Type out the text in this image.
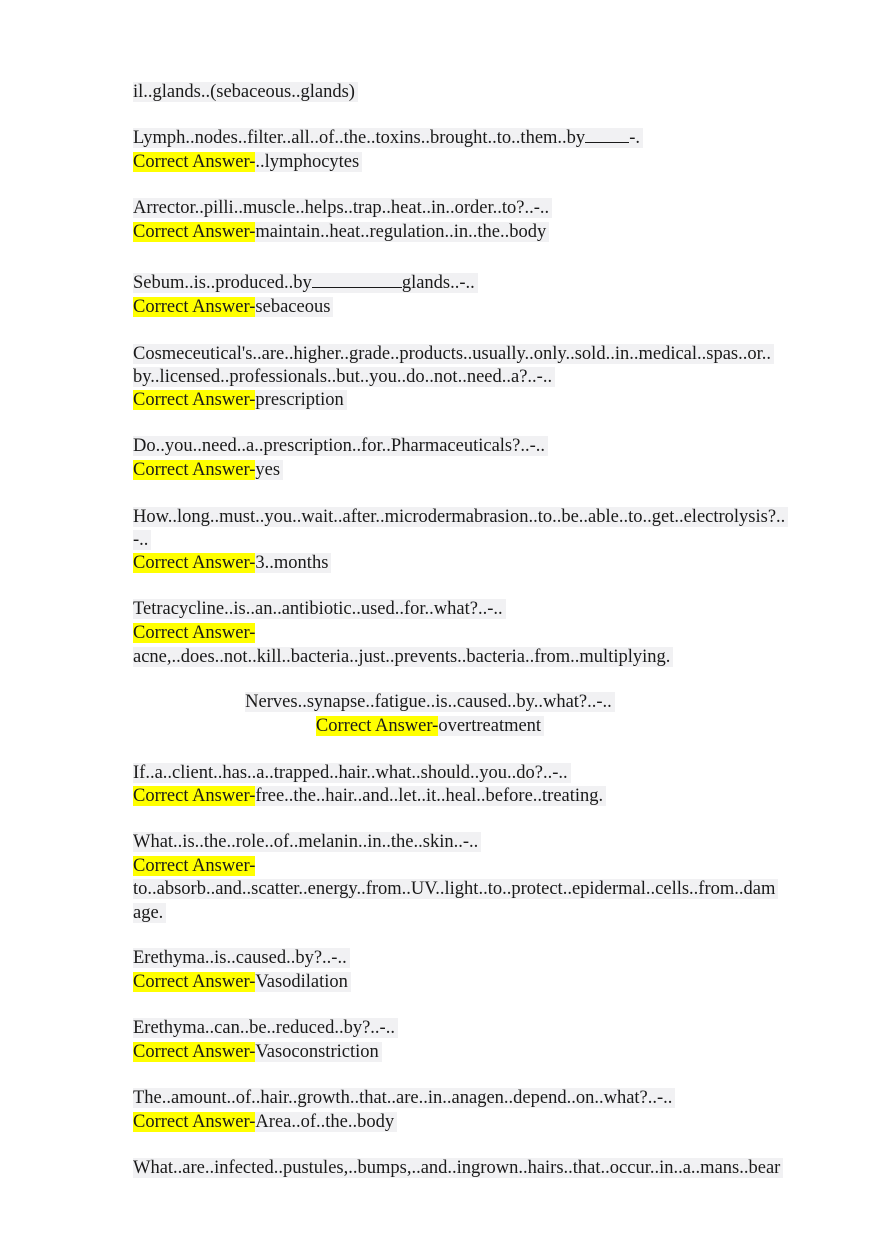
il..glands..(sebaceous..glands)
Lymph..nodes..filter..all..of..the..toxins..brought..to..them..by -.
Correct Answer-..lymphocytes
Arrector..pilli..muscle..helps..trap..heat..in..order..to?..-..
Correct Answer-maintain..heat..regulation..in..the..body
Sebum..is..produced..by	glands..-..
Correct Answer-sebaceous
Cosmeceutical's..are..higher..grade..products..usually..only..sold..in..medical..spas..or..
by..licensed..professionals..but..you..do..not..need..a?..-..
Correct Answer-prescription
Do..you..need..a..prescription..for..Pharmaceuticals?..-..
Correct Answer-yes
How..long..must..you..wait..after..microdermabrasion..to..be..able..to..get..electrolysis?..
-..
Correct Answer-3..months
Tetracycline..is..an..antibiotic..used..for..what?..-..
Correct Answer-
acne,..does..not..kill..bacteria..just..prevents..bacteria..from..multiplying.
Nerves..synapse..fatigue..is..caused..by..what?..-..
Correct Answer-overtreatment
If..a..client..has..a..trapped..hair..what..should..you..do?..-..
Correct Answer-free..the..hair..and..let..it..heal..before..treating.
What..is..the..role..of..melanin..in..the..skin..-..
Correct Answer-
to..absorb..and..scatter..energy..from..UV..light..to..protect..epidermal..cells..from..dam
age.
Erethyma..is..caused..by?..-..
Correct Answer-Vasodilation
Erethyma..can..be..reduced..by?..-..
Correct Answer-Vasoconstriction
The..amount..of..hair..growth..that..are..in..anagen..depend..on..what?..-..
Correct Answer-Area..of..the..body
What..are..infected..pustules,..bumps,..and..ingrown..hairs..that..occur..in..a..mans..bear
